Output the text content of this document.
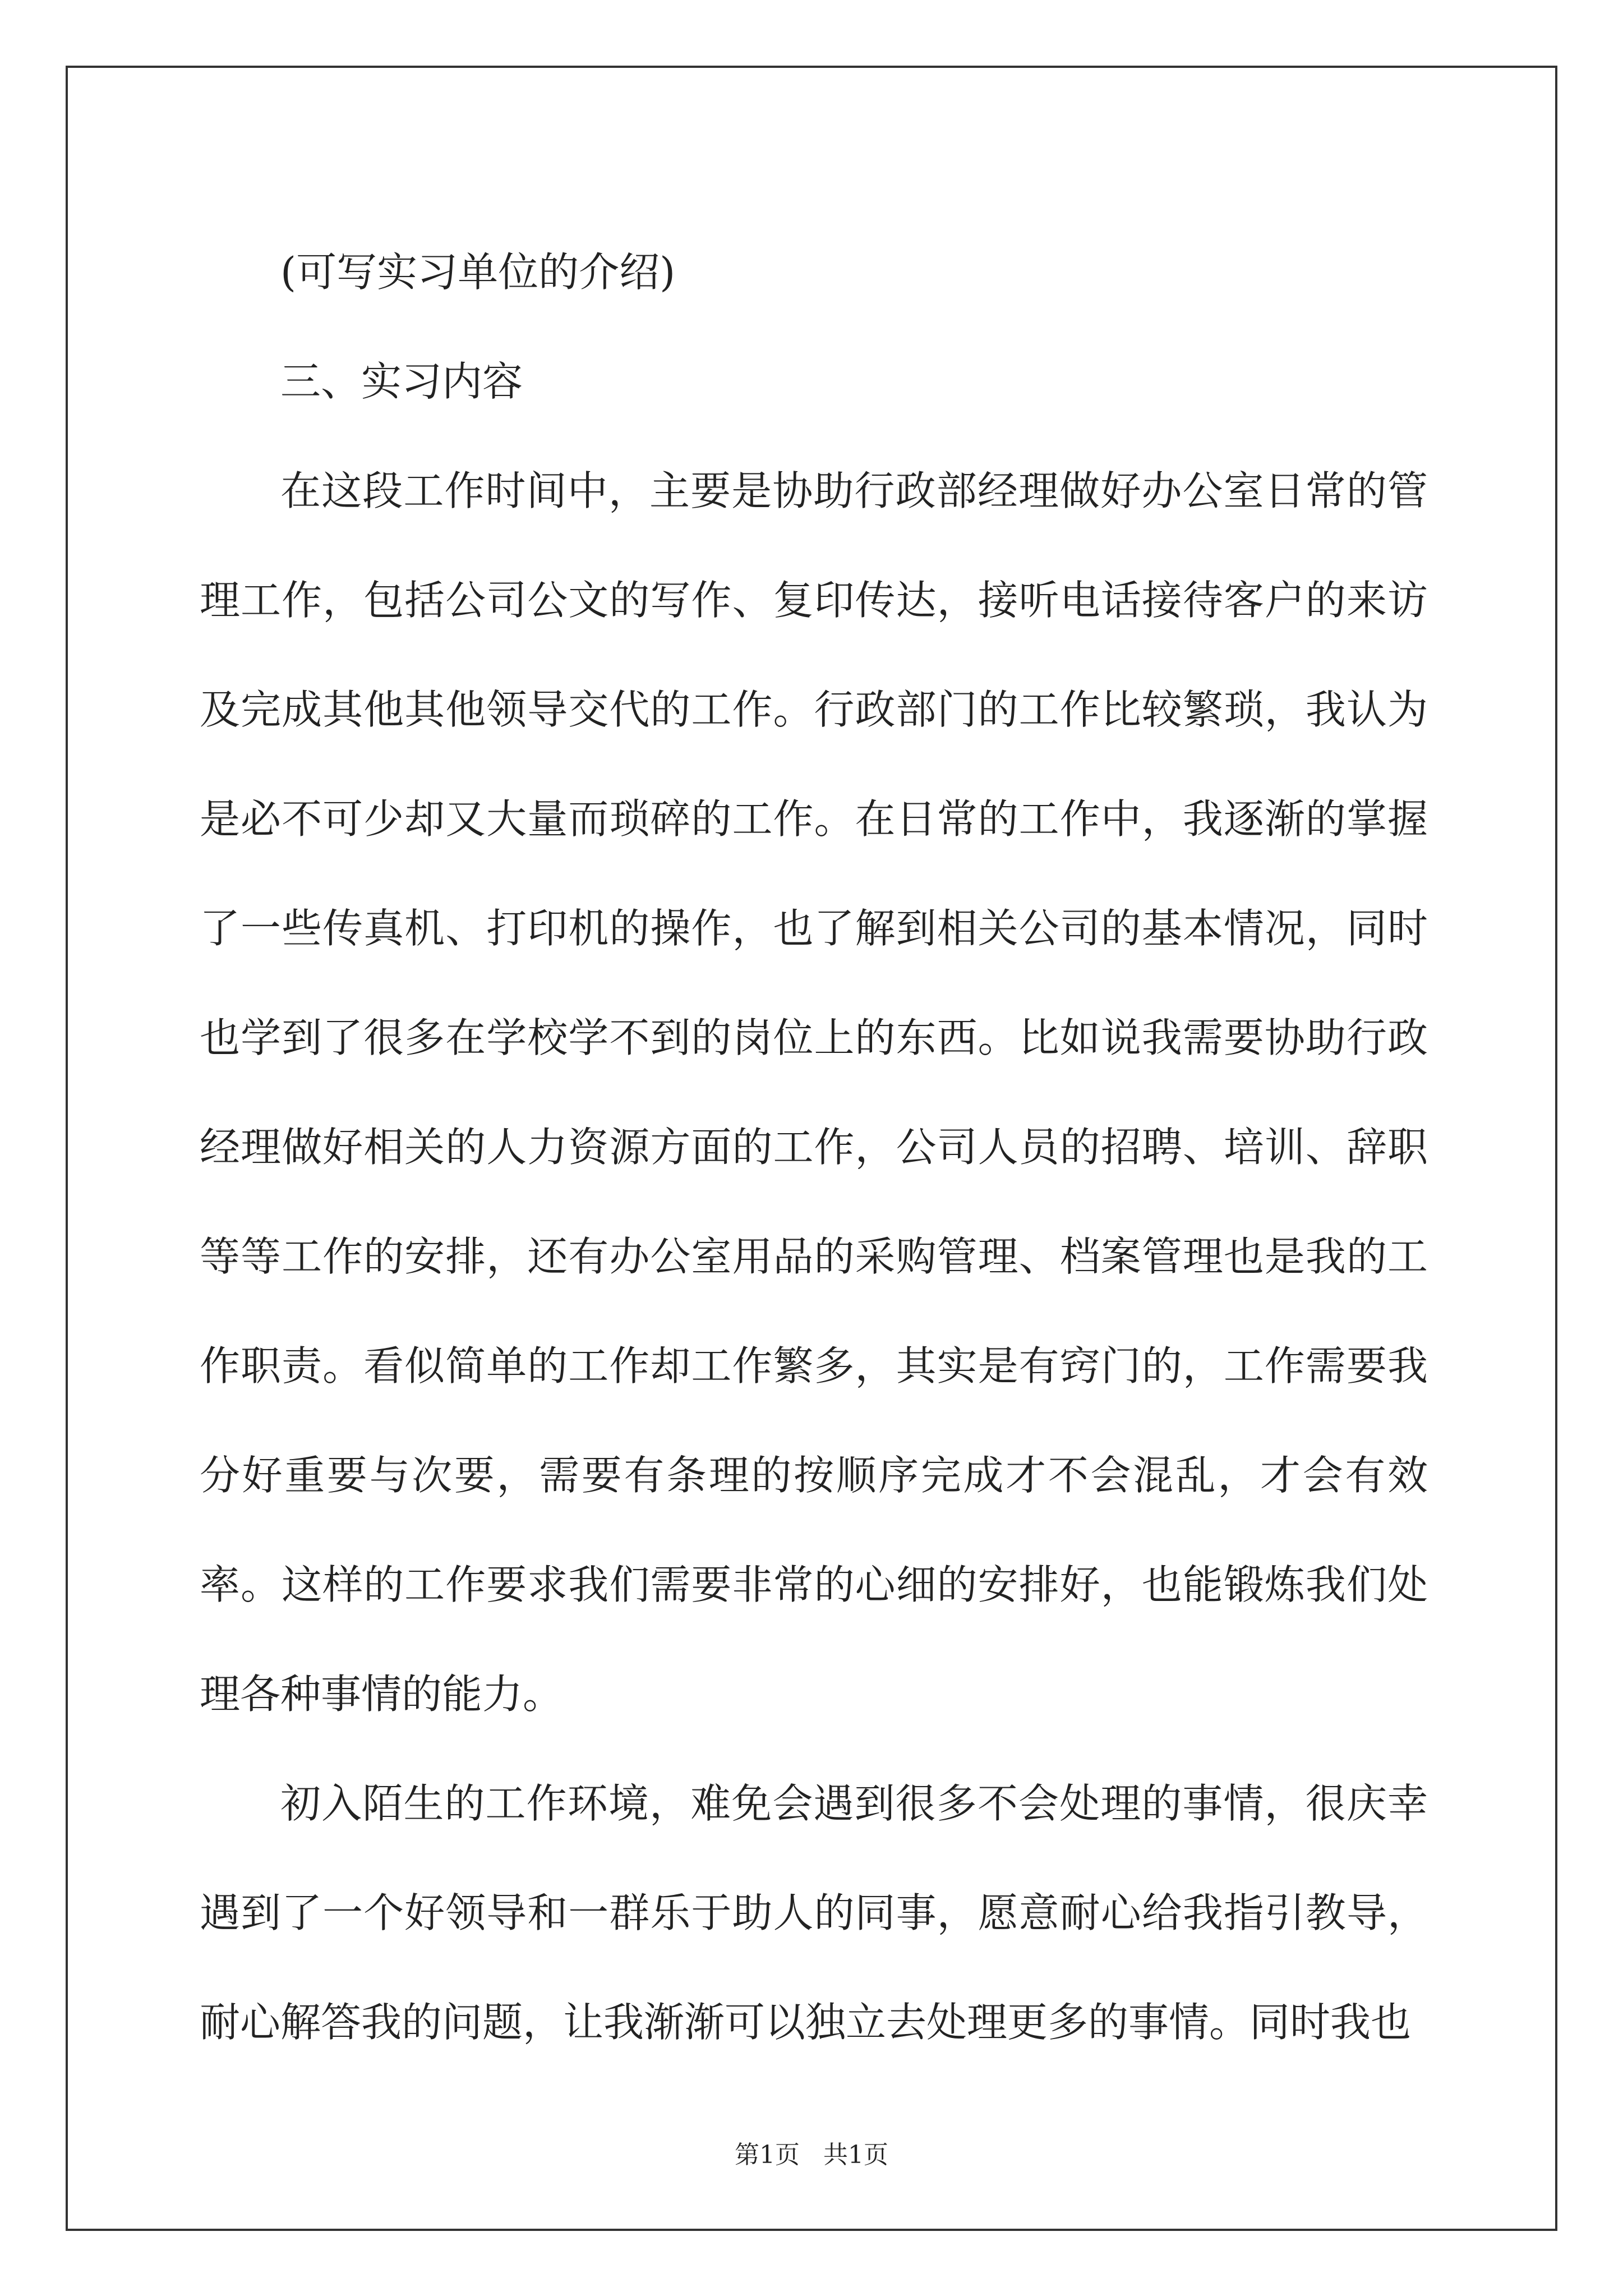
(可写实习单位的介绍)

三、实习内容

在这段工作时间中，主要是协助行政部经理做好办公室日常的管理工作，包括公司公文的写作、复印传达，接听电话接待客户的来访及完成其他其他领导交代的工作。行政部门的工作比较繁琐，我认为是必不可少却又大量而琐碎的工作。在日常的工作中，我逐渐的掌握了一些传真机、打印机的操作，也了解到相关公司的基本情况，同时也学到了很多在学校学不到的岗位上的东西。比如说我需要协助行政经理做好相关的人力资源方面的工作，公司人员的招聘、培训、辞职等等工作的安排，还有办公室用品的采购管理、档案管理也是我的工作职责。看似简单的工作却工作繁多，其实是有窍门的，工作需要我分好重要与次要，需要有条理的按顺序完成才不会混乱，才会有效率。这样的工作要求我们需要非常的心细的安排好，也能锻炼我们处理各种事情的能力。

初入陌生的工作环境，难免会遇到很多不会处理的事情，很庆幸遇到了一个好领导和一群乐于助人的同事，愿意耐心给我指引教导，耐心解答我的问题，让我渐渐可以独立去处理更多的事情。同时我也

第1页   共1页
